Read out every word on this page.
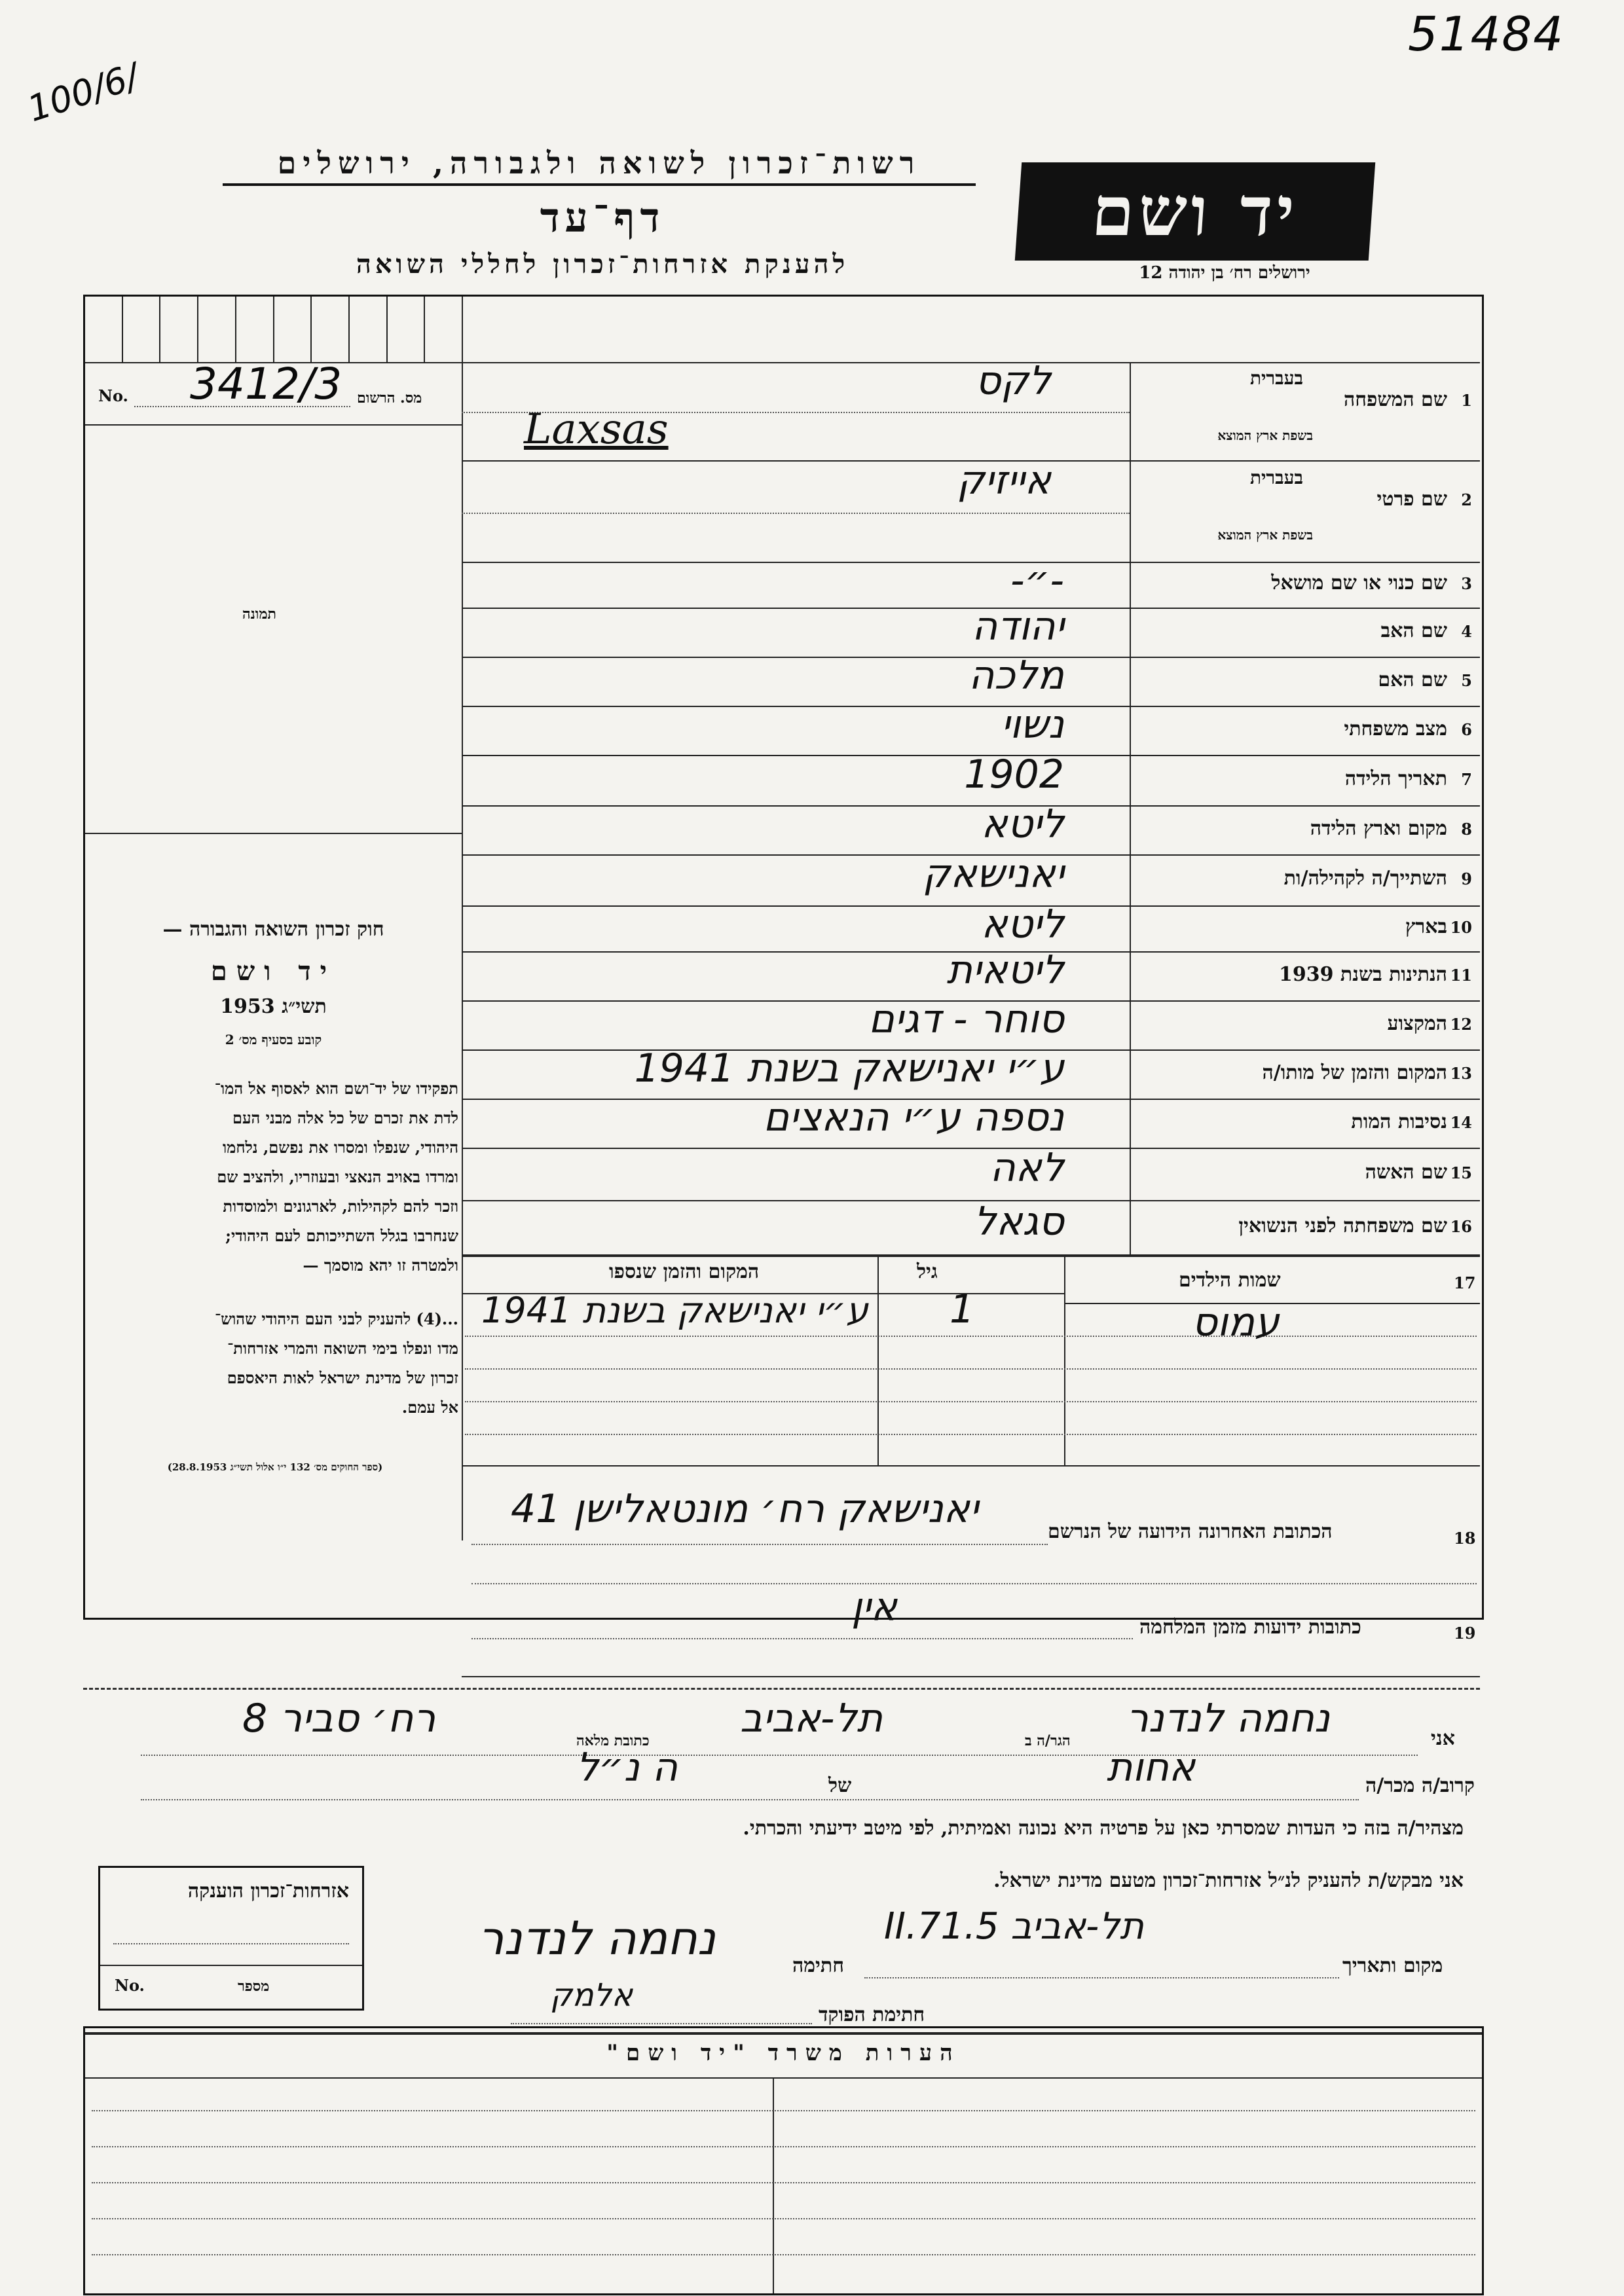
51484
100/6/
רשות־זכרון לשואה ולגבורה, ירושלים
דף־עד
להענקת אזרחות־זכרון לחללי השואה
יד ושם
ירושלים רח׳ בן יהודה 12
No. 3412/3 מס. הרשום
תמונה
חוק זכרון השואה והגבורה —
יד ושם
תשי״ג 1953
קובע בסעיף מס׳ 2
תפקידו של יד־ושם הוא לאסוף אל המו־
לדת את זכרם של כל אלה מבני העם
היהודי, שנפלו ומסרו את נפשם, נלחמו
ומרדו באויב הנאצי ובעוזריו, ולהציב שם
וזכר להם לקהילות, לארגונים ולמוסדות
שנחרבו בגלל השתייכותם לעם היהודי;
ולמטרה זו יהא מוסמך —
...(4) להעניק לבני העם היהודי שהוש־
מדו ונפלו בימי השואה והמרי אזרחות־
זכרון של מדינת ישראל לאות היאספם
אל עמם.
(ספר החוקים מס׳ 132 י״ו אלול תשי״ג 28.8.1953)
1
שם המשפחה
בעברית
בשפת ארץ המוצא
לקס
Laxsas
2
שם פרטי
בעברית
בשפת ארץ המוצא
אייזיק
3
שם כנוי או שם מושאל
-״-
4
שם האב
יהודה
5
שם האם
מלכה
6
מצב משפחתי
נשוי
7
תאריך הלידה
1902
8
מקום וארץ הלידה
ליטא
9
השתייך/ה לקהילה/ות
יאנישאק
10
בארץ
ליטא
11
הנתינות בשנת 1939
ליטאית
12
המקצוע
סוחר - דגים
13
המקום והזמן של מותו/ה
ע״י יאנישאק בשנת 1941
14
נסיבות המות
נספה ע״י הנאצים
15
שם האשה
לאה
16
שם משפחתה לפני הנשואין
סגאל
17
שמות הילדים
גיל
המקום והזמן שנספו
עמוס
1
ע״י יאנישאק בשנת 1941
18
הכתובת האחרונה הידועה של הנרשם
יאנישאק רח׳ מונטאלישן 41
19
כתובות ידועות מזמן המלחמה
אין
אני
נחמה לנדנר
הגר/ה ב
תל-אביב
כתובת מלאה
רח׳ סביר 8
קרוב/ה מכר/ה
אחות
של
ה נ״ל
מצהיר/ה בזה כי העדות שמסרתי כאן על פרטיה היא נכונה ואמיתית, לפי מיטב ידיעתי והכרתי.
אני מבקש/ת להעניק לנ״ל אזרחות־זכרון מטעם מדינת ישראל.
מקום ותאריך
תל-אביב 5.II.71
חתימה
נחמה לנדנר
חתימת הפוקד
אלמק
אזרחות־זכרון הוענקה
No.	מספר
הערות משרד "יד ושם"
